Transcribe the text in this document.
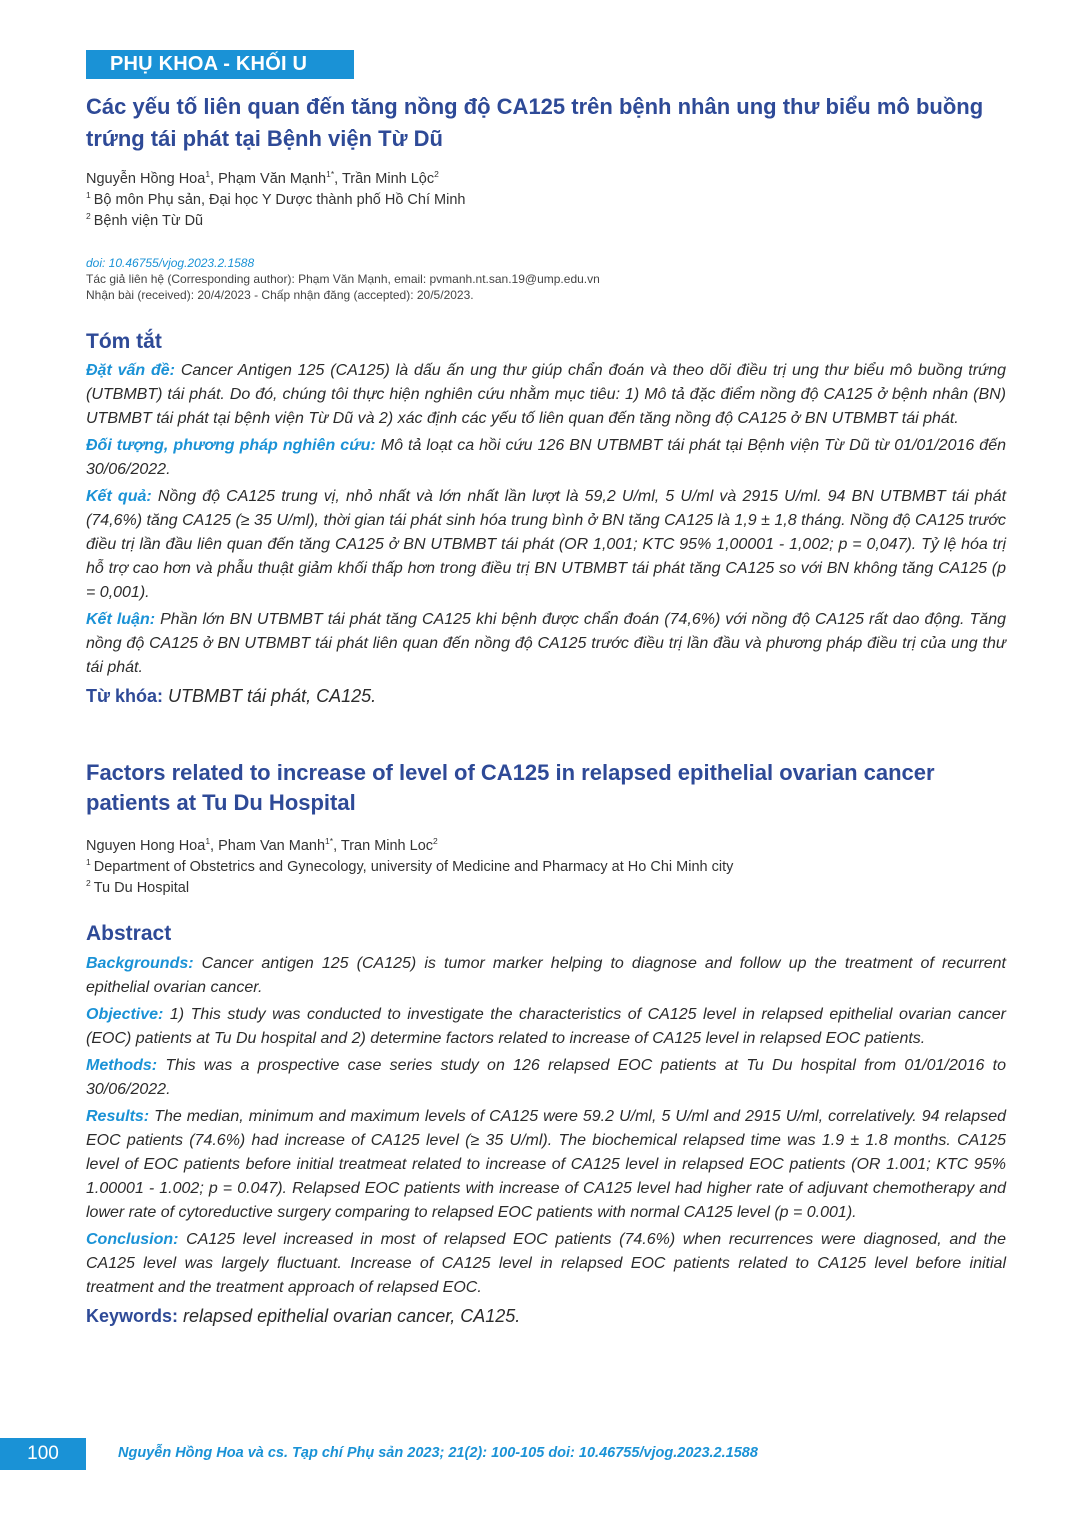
PHỤ KHOA - KHỐI U
Các yếu tố liên quan đến tăng nồng độ CA125 trên bệnh nhân ung thư biểu mô buồng trứng tái phát tại Bệnh viện Từ Dũ

Nguyễn Hồng Hoa$^1$, Phạm Văn Mạnh$^{1*}$, Trần Minh Lộc$^2$

$^1$ Bộ môn Phụ sản, Đại học Y Dược thành phố Hồ Chí Minh

$^2$ Bệnh viện Từ Dũ

doi: 10.46755/vjog.2023.2.1588

Tác giả liên hệ (Corresponding author): Phạm Văn Mạnh, email: pvmanh.nt.san.19@ump.edu.vn

Nhận bài (received): 20/4/2023 - Chấp nhận đăng (accepted): 20/5/2023.

Tóm tắt

Đặt vấn đề: Cancer Antigen 125 (CA125) là dấu ấn ung thư giúp chẩn đoán và theo dõi điều trị ung thư biểu mô buồng trứng (UTBMBT) tái phát. Do đó, chúng tôi thực hiện nghiên cứu nhằm mục tiêu: 1) Mô tả đặc điểm nồng độ CA125 ở bệnh nhân (BN) UTBMBT tái phát tại bệnh viện Từ Dũ và 2) xác định các yếu tố liên quan đến tăng nồng độ CA125 ở BN UTBMBT tái phát.

Đối tượng, phương pháp nghiên cứu: Mô tả loạt ca hồi cứu 126 BN UTBMBT tái phát tại Bệnh viện Từ Dũ từ 01/01/2016 đến 30/06/2022.

Kết quả: Nồng độ CA125 trung vị, nhỏ nhất và lớn nhất lần lượt là 59,2 U/ml, 5 U/ml và 2915 U/ml. 94 BN UTBMBT tái phát (74,6%) tăng CA125 (≥ 35 U/ml), thời gian tái phát sinh hóa trung bình ở BN tăng CA125 là 1,9 ± 1,8 tháng. Nồng độ CA125 trước điều trị lần đầu liên quan đến tăng CA125 ở BN UTBMBT tái phát (OR 1,001; KTC 95% 1,00001 - 1,002; p = 0,047). Tỷ lệ hóa trị hỗ trợ cao hơn và phẫu thuật giảm khối thấp hơn trong điều trị BN UTBMBT tái phát tăng CA125 so với BN không tăng CA125 (p = 0,001).

Kết luận: Phần lớn BN UTBMBT tái phát tăng CA125 khi bệnh được chẩn đoán (74,6%) với nồng độ CA125 rất dao động. Tăng nồng độ CA125 ở BN UTBMBT tái phát liên quan đến nồng độ CA125 trước điều trị lần đầu và phương pháp điều trị của ung thư tái phát.

Từ khóa: UTBMBT tái phát, CA125.

Factors related to increase of level of CA125 in relapsed epithelial ovarian cancer patients at Tu Du Hospital

Nguyen Hong Hoa$^1$, Pham Van Manh$^{1*}$, Tran Minh Loc$^2$

$^1$ Department of Obstetrics and Gynecology, university of Medicine and Pharmacy at Ho Chi Minh city

$^2$ Tu Du Hospital

Abstract

Backgrounds: Cancer antigen 125 (CA125) is tumor marker helping to diagnose and follow up the treatment of recurrent epithelial ovarian cancer.

Objective: 1) This study was conducted to investigate the characteristics of CA125 level in relapsed epithelial ovarian cancer (EOC) patients at Tu Du hospital and 2) determine factors related to increase of CA125 level in relapsed EOC patients.

Methods: This was a prospective case series study on 126 relapsed EOC patients at Tu Du hospital from 01/01/2016 to 30/06/2022.

Results: The median, minimum and maximum levels of CA125 were 59.2 U/ml, 5 U/ml and 2915 U/ml, correlatively. 94 relapsed EOC patients (74.6%) had increase of CA125 level (≥ 35 U/ml). The biochemical relapsed time was 1.9 ± 1.8 months. CA125 level of EOC patients before initial treatmeat related to increase of CA125 level in relapsed EOC patients (OR 1.001; KTC 95% 1.00001 - 1.002; p = 0.047). Relapsed EOC patients with increase of CA125 level had higher rate of adjuvant chemotherapy and lower rate of cytoreductive surgery comparing to relapsed EOC patients with normal CA125 level (p = 0.001).

Conclusion: CA125 level increased in most of relapsed EOC patients (74.6%) when recurrences were diagnosed, and the CA125 level was largely fluctuant. Increase of CA125 level in relapsed EOC patients related to CA125 level before initial treatment and the treatment approach of relapsed EOC.

Keywords: relapsed epithelial ovarian cancer, CA125.

100	Nguyễn Hồng Hoa và cs. Tạp chí Phụ sản 2023; 21(2): 100-105 doi: 10.46755/vjog.2023.2.1588
